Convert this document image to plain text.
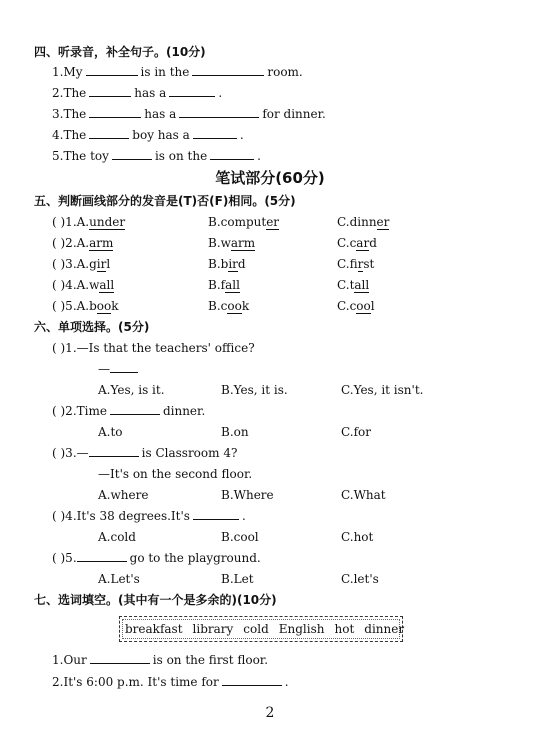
四、听录音，补全句子。(10分)
1.My	is in the	room.
2.The	has a	.
3.The	has a	for dinner.
4.The	boy has a	.
5.The toy	is on the	.
笔试部分(60分)
五、判断画线部分的发音是(T)否(F)相同。(5分)
( )1.A.under	B.computer	C.dinner
( )2.A.arm	B.warm	C.card
( )3.A.girl	B.bird	C.first
( )4.A.wall	B.fall	C.tall
( )5.A.book	B.cook	C.cool
六、单项选择。(5分)
( )1.—Is that the teachers' office?
—
A.Yes, is it.	B.Yes, it is.	C.Yes, it isn't.
( )2.Time	dinner.
A.to	B.on	C.for
( )3.—	is Classroom 4?
—It's on the second floor.
A.where	B.Where	C.What
( )4.It's 38 degrees.It's	.
A.cold	B.cool	C.hot
( )5.	go to the playground.
A.Let's	B.Let	C.let's
七、选词填空。(其中有一个是多余的)(10分)
breakfast library cold English hot dinner
1.Our	is on the first floor.
2.It's 6:00 p.m. It's time for	.
2
